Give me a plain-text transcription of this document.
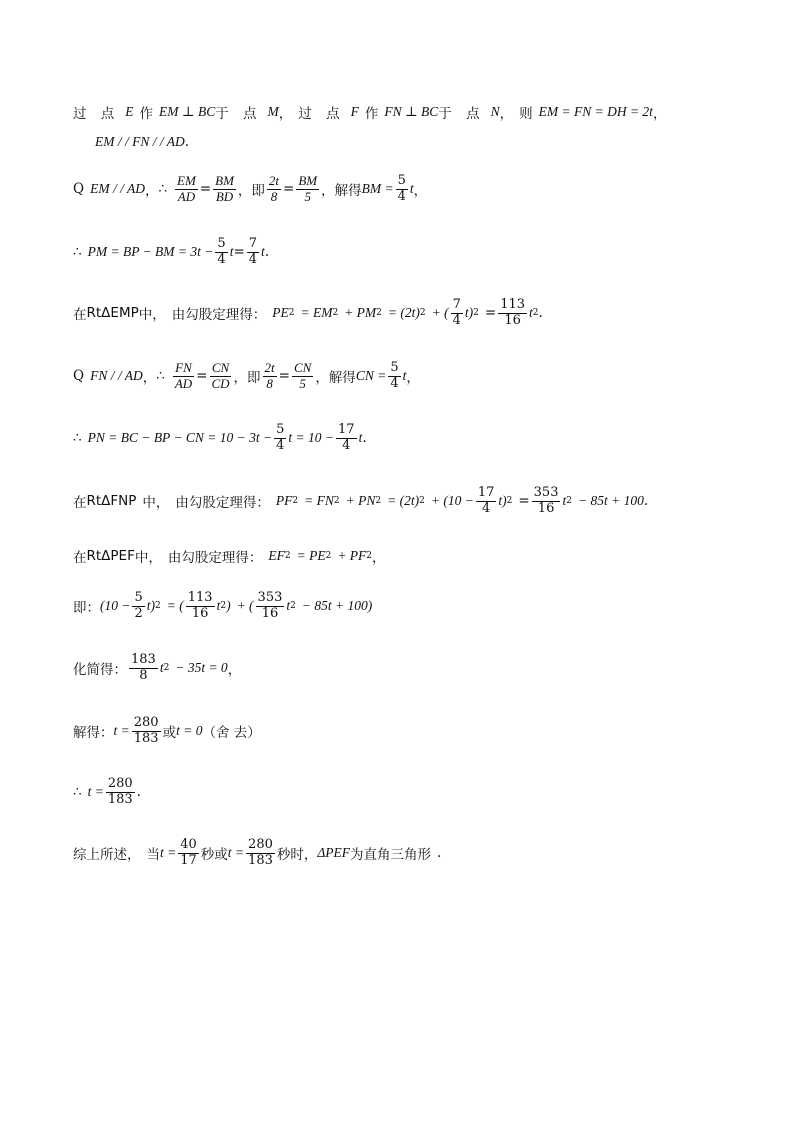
过 点 E 作 EM ⊥ BC 于 点 M ， 过 点 F 作 FN ⊥ BC 于 点 N ， 则 EM = FN = DH = 2t ，
EM / / FN / / AD .
Q EM / / AD ， ∴ $\frac{EM}{AD} = \frac{BM}{BD}$ ， 即 $\frac{2t}{8} = \frac{BM}{5}$ ， 解得 BM = $\frac{5}{4}$ t ，
∴ PM = BP − BM = $3t - \frac{5}{4}$ $t = \frac{7}{4}$ t .
在 RtΔEMP 中， 由勾股定理得： PE 2 = EM 2 + PM 2 = (2t) 2 + ( $\frac{7}{4} t$) $2 = \frac{113}{16}$ t 2 .
Q FN / / AD ， ∴ $\frac{FN}{AD} = \frac{CN}{CD}$ ， 即 $\frac{2t}{8} = \frac{CN}{5}$ ， 解得 CN = $\frac{5}{4}$ t ，
∴ PN = BC − BP − CN = $10 - 3t - \frac{5}{4}$ $t = 10 - \frac{17}{4}$ t .
在 RtΔFNP 中， 由勾股定理得： PF 2 = FN 2 + PN 2 = (2t) $2 + (10 - \frac{17}{4} t)$ $2 = \frac{353}{16}$ t 2 − 85t + 100 .
在 RtΔPEF 中， 由勾股定理得： EF 2 = PE 2 + PF 2 ，
即： $(10 - \frac{5}{2} t)$ 2 = ( $\frac{113}{16}$ t 2 ) + ( $\frac{353}{16}$ t 2 − 85t + 100)
化简得： $\frac{183}{8}$ t 2 − 35t = 0 ，
解得： $t = \frac{280}{183}$ 或 t = 0 （舍 去）
∴ $t = \frac{280}{183}$ .
综上所述， 当 $t = \frac{40}{17}$ 秒或 $t = \frac{280}{183}$ 秒时， ΔPEF 为直角三角形 .
